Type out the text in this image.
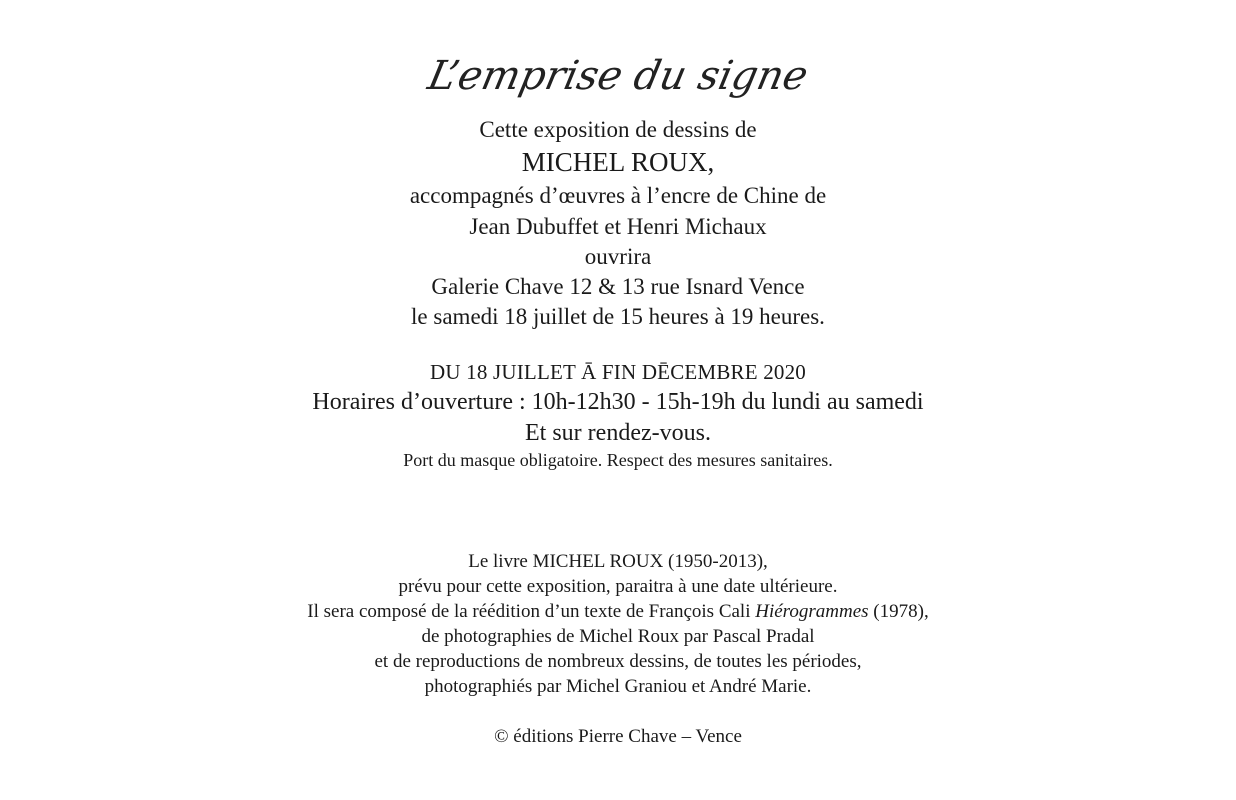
L’emprise du signe
Cette exposition de dessins de
MICHEL ROUX,
accompagnés d’œuvres à l’encre de Chine de
Jean Dubuffet et Henri Michaux
ouvrira
Galerie Chave 12 & 13 rue Isnard Vence
le samedi 18 juillet de 15 heures à 19 heures.
DU 18 JUILLET Ā FIN DĒCEMBRE 2020
Horaires d’ouverture : 10h-12h30 - 15h-19h du lundi au samedi
Et sur rendez-vous.
Port du masque obligatoire. Respect des mesures sanitaires.
Le livre MICHEL ROUX (1950-2013),
prévu pour cette exposition, paraitra à une date ultérieure.
Il sera composé de la réédition d’un texte de François Cali Hiérogrammes (1978),
de photographies de Michel Roux par Pascal Pradal
et de reproductions de nombreux dessins, de toutes les périodes,
photographiés par Michel Graniou et André Marie.
© éditions Pierre Chave – Vence
